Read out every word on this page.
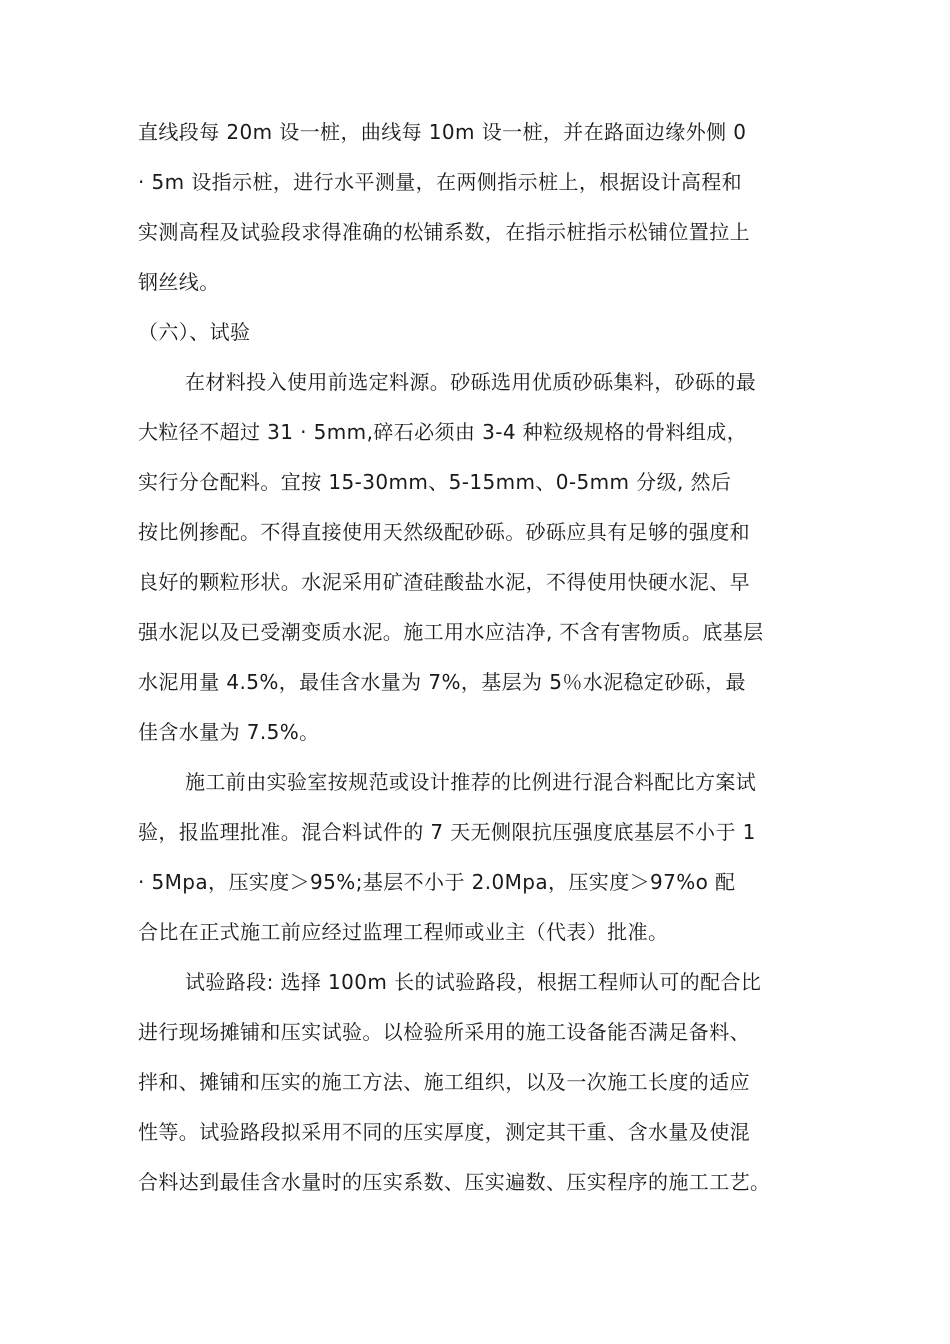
直线段每 20m 设一桩，曲线每 10m 设一桩，并在路面边缘外侧 0
· 5m 设指示桩，进行水平测量，在两侧指示桩上，根据设计高程和
实测高程及试验段求得准确的松铺系数，在指示桩指示松铺位置拉上
钢丝线。
（六）、试验
在材料投入使用前选定料源。砂砾选用优质砂砾集料，砂砾的最
大粒径不超过 31 · 5mm,碎石必须由 3-4 种粒级规格的骨料组成，
实行分仓配料。宜按 15-30mm、5-15mm、0-5mm 分级, 然后
按比例掺配。不得直接使用天然级配砂砾。砂砾应具有足够的强度和
良好的颗粒形状。水泥采用矿渣硅酸盐水泥，不得使用快硬水泥、早
强水泥以及已受潮变质水泥。施工用水应洁净, 不含有害物质。底基层
水泥用量 4.5%，最佳含水量为 7%，基层为 5％水泥稳定砂砾，最
佳含水量为 7.5%。
施工前由实验室按规范或设计推荐的比例进行混合料配比方案试
验，报监理批准。混合料试件的 7 天无侧限抗压强度底基层不小于 1
· 5Mpa，压实度＞95%;基层不小于 2.0Mpa，压实度＞97%o 配
合比在正式施工前应经过监理工程师或业主（代表）批准。
试验路段: 选择 100m 长的试验路段，根据工程师认可的配合比
进行现场摊铺和压实试验。以检验所采用的施工设备能否满足备料、
拌和、摊铺和压实的施工方法、施工组织，以及一次施工长度的适应
性等。试验路段拟采用不同的压实厚度，测定其干重、含水量及使混
合料达到最佳含水量时的压实系数、压实遍数、压实程序的施工工艺。
